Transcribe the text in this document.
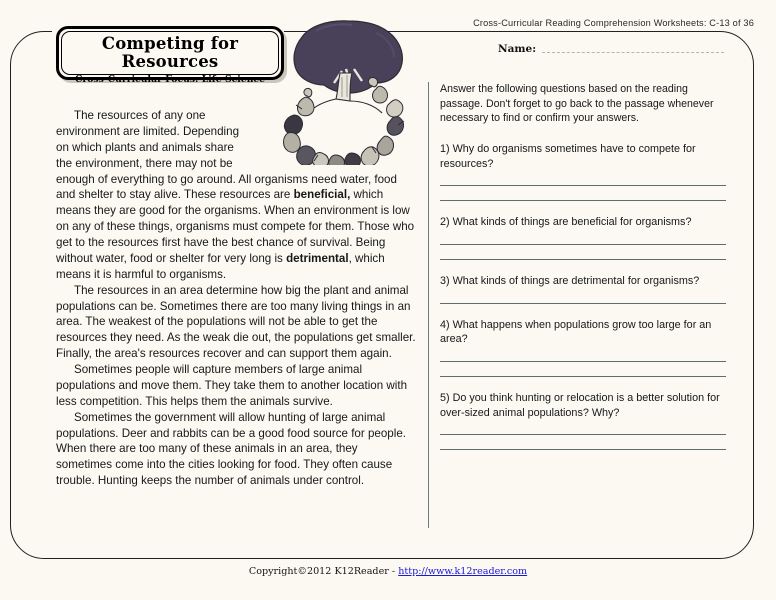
Cross-Curricular Reading Comprehension Worksheets: C-13 of 36
Competing for Resources
Cross-Curricular Focus: Life Science
Name:

The resources of any one environment are limited. Depending on which plants and animals share the environment, there may not be enough of everything to go around. All organisms need water, food and shelter to stay alive. These resources are beneficial, which means they are good for the organisms. When an environment is low on any of these things, organisms must compete for them. Those who get to the resources first have the best chance of survival. Being without water, food or shelter for very long is detrimental, which means it is harmful to organisms.

The resources in an area determine how big the plant and animal populations can be. Sometimes there are too many living things in an area. The weakest of the populations will not be able to get the resources they need. As the weak die out, the populations get smaller. Finally, the area's resources recover and can support them again.

Sometimes people will capture members of large animal populations and move them. They take them to another location with less competition. This helps them the animals survive.

Sometimes the government will allow hunting of large animal populations. Deer and rabbits can be a good food source for people. When there are too many of these animals in an area, they sometimes come into the cities looking for food. They often cause trouble. Hunting keeps the number of animals under control.

Answer the following questions based on the reading passage. Don't forget to go back to the passage whenever necessary to find or confirm your answers.
1) Why do organisms sometimes have to compete for resources?
2) What kinds of things are beneficial for organisms?
3) What kinds of things are detrimental for organisms?
4) What happens when populations grow too large for an area?
5) Do you think hunting or relocation is a better solution for over-sized animal populations? Why?
Copyright©2012 K12Reader - http://www.k12reader.com
